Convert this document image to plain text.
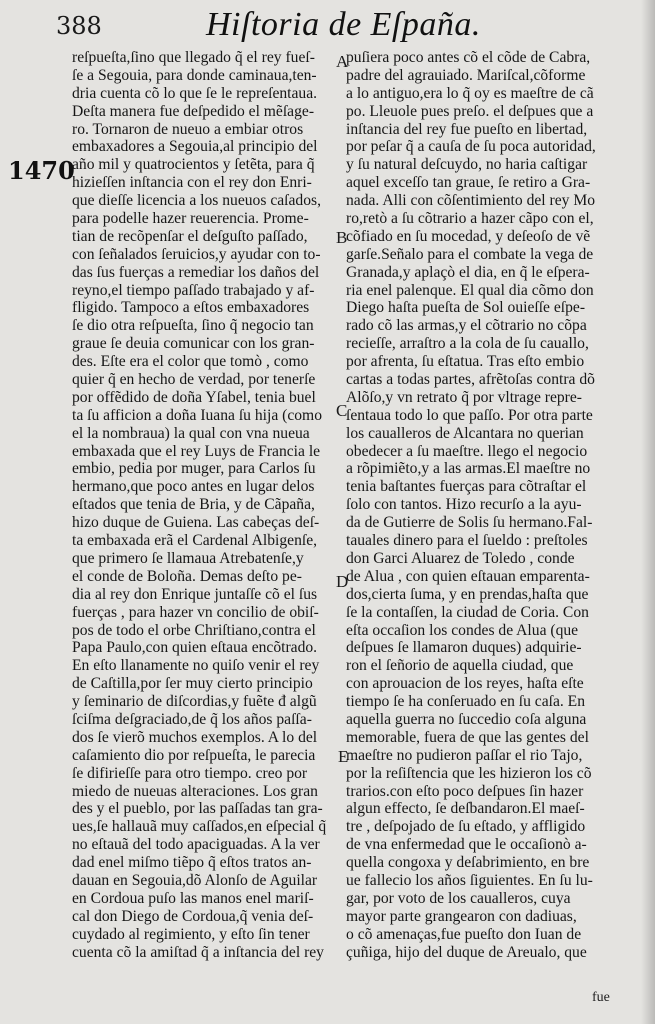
388	Hiſtoria de Eſpaña.
1470
A
B
C
D
E
reſpueſta,ſino que llegado q̃ el rey fueſ-
ſe a Segouia, para donde caminaua,ten-
dria cuenta cõ lo que ſe le repreſentaua.
Deſta manera fue deſpedido el mẽſage-
ro. Tornaron de nueuo a embiar otros
embaxadores a Segouia,al principio del
año mil y quatrocientos y ſetẽta, para q̃
hizieſſen inſtancia con el rey don Enri-
que dieſſe licencia a los nueuos caſados,
para podelle hazer reuerencia. Prome-
tian de recõpenſar el deſguſto paſſado,
con ſeñalados ſeruicios,y ayudar con to-
das ſus fuerças a remediar los daños del
reyno,el tiempo paſſado trabajado y af-
fligido. Tampoco a eſtos embaxadores
ſe dio otra reſpueſta, ſino q̃ negocio tan
graue ſe deuia comunicar con los gran-
des. Eſte era el color que tomò , como
quier q̃ en hecho de verdad, por tenerſe
por offẽdido de doña Yſabel, tenia buel
ta ſu afficion a doña Iuana ſu hija (como
el la nombraua) la qual con vna nueua
embaxada que el rey Luys de Francia le
embio, pedia por muger, para Carlos ſu
hermano,que poco antes en lugar delos
eſtados que tenia de Bria, y de Cãpaña,
hizo duque de Guiena. Las cabeças deſ-
ta embaxada erã el Cardenal Albigenſe,
que primero ſe llamaua Atrebatenſe,y
el conde de Boloña. Demas deſto pe-
dia al rey don Enrique juntaſſe cõ el ſus
fuerças , para hazer vn concilio de obiſ-
pos de todo el orbe Chriſtiano,contra el
Papa Paulo,con quien eſtaua encõtrado.
En eſto llanamente no quiſo venir el rey
de Caſtilla,por ſer muy cierto principio
y ſeminario de diſcordias,y fuẽte đ algũ
ſciſma deſgraciado,de q̃ los años paſſa-
dos ſe vierõ muchos exemplos. A lo del
caſamiento dio por reſpueſta, le parecia
ſe difirieſſe para otro tiempo. creo por
miedo de nueuas alteraciones. Los gran
des y el pueblo, por las paſſadas tan gra-
ues,ſe hallauã muy caſſados,en eſpecial q̃
no eſtauã del todo apaciguadas. A la ver
dad enel miſmo tiẽpo q̃ eſtos tratos an-
dauan en Segouia,dõ Alonſo de Aguilar
en Cordoua puſo las manos enel mariſ-
cal don Diego de Cordoua,q̃ venia deſ-
cuydado al regimiento, y eſto ſin tener
cuenta cõ la amiſtad q̃ a inſtancia del rey
puſiera poco antes cõ el cõde de Cabra,
padre del agrauiado. Mariſcal,cõforme
a lo antiguo,era lo q̃ oy es maeſtre de cã
po. Lleuole pues preſo. el deſpues que a
inſtancia del rey fue pueſto en libertad,
por peſar q̃ a cauſa de ſu poca autoridad,
y ſu natural deſcuydo, no haria caſtigar
aquel exceſſo tan graue, ſe retiro a Gra-
nada. Alli con cõſentimiento del rey Mo
ro,retò a ſu cõtrario a hazer cãpo con el,
cõfiado en ſu mocedad, y deſeoſo de vẽ
garſe.Señalo para el combate la vega de
Granada,y aplaçò el dia, en q̃ le eſpera-
ria enel palenque. El qual dia cõmo don
Diego haſta pueſta de Sol ouieſſe eſpe-
rado cõ las armas,y el cõtrario no cõpa
recieſſe, arraſtro a la cola de ſu cauallo,
por afrenta, ſu eſtatua. Tras eſto embio
cartas a todas partes, afrẽtoſas contra dõ
Alõſo,y vn retrato q̃ por vltrage repre-
ſentaua todo lo que paſſo. Por otra parte
los caualleros de Alcantara no querian
obedecer a ſu maeſtre. llego el negocio
a rõpimiẽto,y a las armas.El maeſtre no
tenia baſtantes fuerças para cõtraſtar el
ſolo con tantos. Hizo recurſo a la ayu-
da de Gutierre de Solis ſu hermano.Fal-
tauales dinero para el ſueldo : preſtoles
don Garci Aluarez de Toledo , conde
de Alua , con quien eſtauan emparenta-
dos,cierta ſuma, y en prendas,haſta que
ſe la contaſſen, la ciudad de Coria. Con
eſta occaſion los condes de Alua (que
deſpues ſe llamaron duques) adquirie-
ron el ſeñorio de aquella ciudad, que
con aprouacion de los reyes, haſta eſte
tiempo ſe ha conſeruado en ſu caſa. En
aquella guerra no ſuccedio coſa alguna
memorable, fuera de que las gentes del
maeſtre no pudieron paſſar el rio Tajo,
por la reſiſtencia que les hizieron los cõ
trarios.con eſto poco deſpues ſin hazer
algun effecto, ſe deſbandaron.El maeſ-
tre , deſpojado de ſu eſtado, y affligido
de vna enfermedad que le occaſionò a-
quella congoxa y deſabrimiento, en bre
ue fallecio los años ſiguientes. En ſu lu-
gar, por voto de los caualleros, cuya
mayor parte grangearon con dadiuas,
o cõ amenaças,fue pueſto don Iuan de
çuñiga, hijo del duque de Areualo, que
fue
